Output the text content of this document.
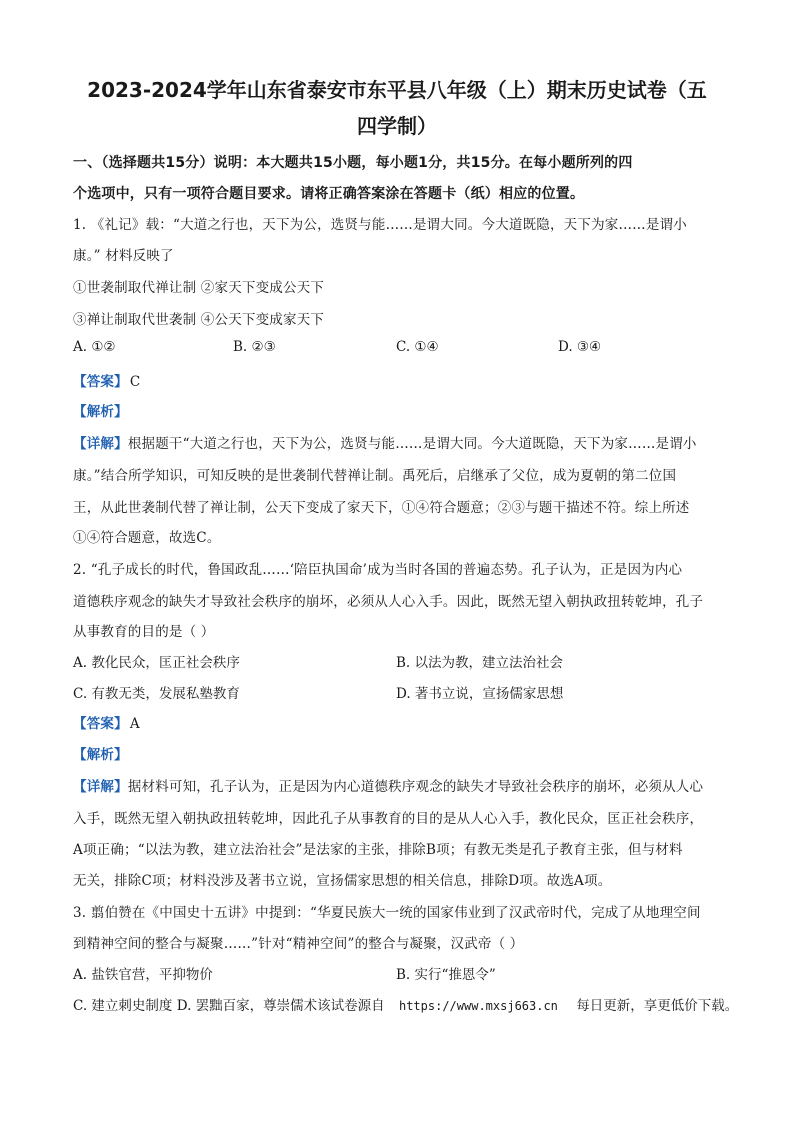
2023-2024学年山东省泰安市东平县八年级（上）期末历史试卷（五
四学制）
一、（选择题共15分）说明：本大题共15小题，每小题1分，共15分。在每小题所列的四
个选项中，只有一项符合题目要求。请将正确答案涂在答题卡（纸）相应的位置。
1. 《礼记》载：“大道之行也，天下为公，选贤与能……是谓大同。今大道既隐，天下为家……是谓小
康。” 材料反映了
①世袭制取代禅让制 ②家天下变成公天下
③禅让制取代世袭制 ④公天下变成家天下
A. ①②	B. ②③	C. ①④	D. ③④
【答案】 C
【解析】
【详解】根据题干“大道之行也，天下为公，选贤与能……是谓大同。今大道既隐，天下为家……是谓小
康。”结合所学知识，可知反映的是世袭制代替禅让制。禹死后，启继承了父位，成为夏朝的第二位国
王，从此世袭制代替了禅让制，公天下变成了家天下，①④符合题意；②③与题干描述不符。综上所述
①④符合题意，故选C。
2. “孔子成长的时代，鲁国政乱……‘陪臣执国命’成为当时各国的普遍态势。孔子认为，正是因为内心
道德秩序观念的缺失才导致社会秩序的崩坏，必须从人心入手。因此，既然无望入朝执政扭转乾坤，孔子
从事教育的目的是（ ）
A. 教化民众，匡正社会秩序	B. 以法为教，建立法治社会
C. 有教无类，发展私塾教育	D. 著书立说，宣扬儒家思想
【答案】 A
【解析】
【详解】据材料可知，孔子认为，正是因为内心道德秩序观念的缺失才导致社会秩序的崩坏，必须从人心
入手，既然无望入朝执政扭转乾坤，因此孔子从事教育的目的是从人心入手，教化民众，匡正社会秩序，
A项正确；“以法为教，建立法治社会”是法家的主张，排除B项；有教无类是孔子教育主张，但与材料
无关，排除C项；材料没涉及著书立说，宣扬儒家思想的相关信息，排除D项。故选A项。
3. 翦伯赞在《中国史十五讲》中提到：“华夏民族大一统的国家伟业到了汉武帝时代，完成了从地理空间
到精神空间的整合与凝聚……”针对“精神空间”的整合与凝聚，汉武帝（ ）
A. 盐铁官营，平抑物价	B. 实行“推恩令”
C. 建立刺史制度 D. 罢黜百家，尊崇儒术该试卷源自 https://www.mxsj663.cn 每日更新，享更低价下载。
